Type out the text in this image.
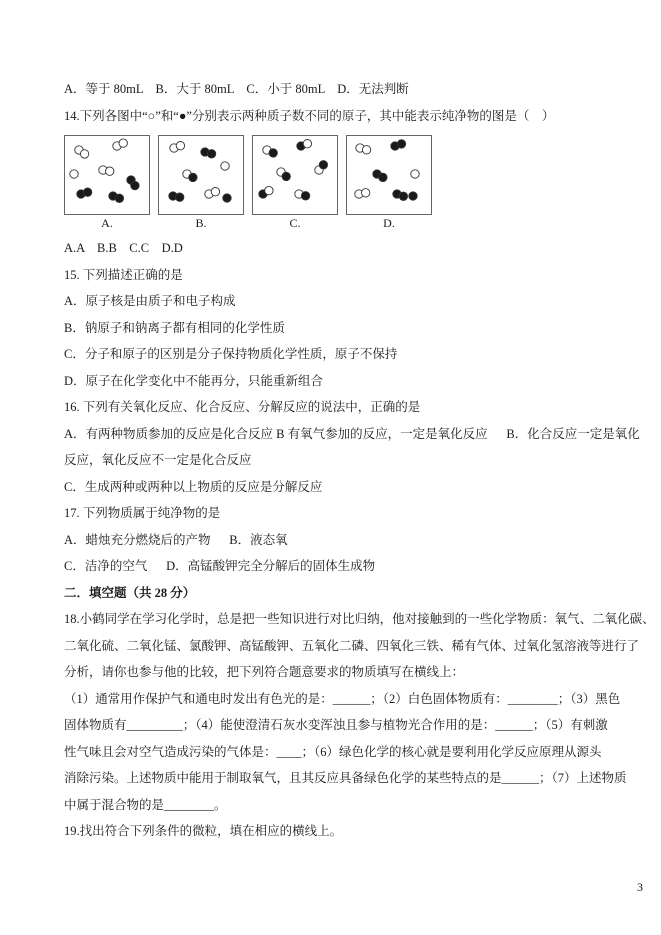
A．等于 80mL    B．大于 80mL    C．小于 80mL    D．无法判断
14.下列各图中“○”和“●”分别表示两种质子数不同的原子，其中能表示纯净物的图是（    ）
A.	B.	C.	D.
A.A    B.B    C.C    D.D
15. 下列描述正确的是
A．原子核是由质子和电子构成
B．钠原子和钠离子都有相同的化学性质
C．分子和原子的区别是分子保持物质化学性质，原子不保持
D．原子在化学变化中不能再分，只能重新组合
16. 下列有关氧化反应、化合反应、分解反应的说法中，正确的是
A．有两种物质参加的反应是化合反应 B 有氧气参加的反应，一定是氧化反应      B．化合反应一定是氧化
反应，氧化反应不一定是化合反应
C．生成两种或两种以上物质的反应是分解反应
17. 下列物质属于纯净物的是
A．蜡烛充分燃烧后的产物      B．液态氧
C．洁净的空气      D．高锰酸钾完全分解后的固体生成物
二．填空题（共 28 分）
18.小鹤同学在学习化学时，总是把一些知识进行对比归纳，他对接触到的一些化学物质：氧气、二氧化碳、
二氧化硫、二氧化锰、氯酸钾、高锰酸钾、五氧化二磷、四氧化三铁、稀有气体、过氧化氢溶液等进行了
分析，请你也参与他的比较，把下列符合题意要求的物质填写在横线上：
（1）通常用作保护气和通电时发出有色光的是：______；（2）白色固体物质有：________；（3）黑色
固体物质有_________；（4）能使澄清石灰水变浑浊且参与植物光合作用的是：______；（5）有刺激
性气味且会对空气造成污染的气体是：____；（6）绿色化学的核心就是要利用化学反应原理从源头
消除污染。上述物质中能用于制取氧气，且其反应具备绿色化学的某些特点的是______；（7）上述物质
中属于混合物的是________。
19.找出符合下列条件的微粒，填在相应的横线上。
3
